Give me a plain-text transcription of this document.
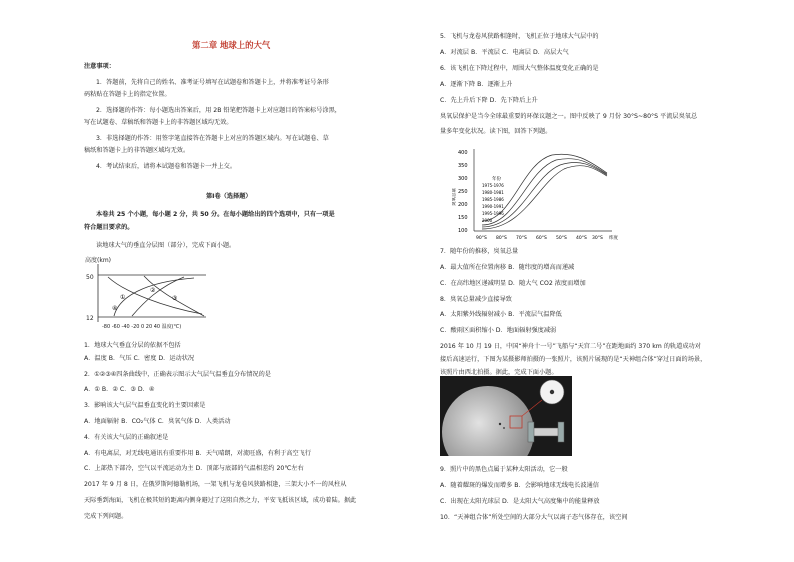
第二章 地球上的大气
注意事项：
1．答题前，先将自己的姓名、准考证号填写在试题卷和答题卡上，并将准考证号条形
码粘贴在答题卡上的指定位置。
2．选择题的作答：每小题选出答案后，用 2B 铅笔把答题卡上对应题目的答案标号涂黑，
写在试题卷、草稿纸和答题卡上的非答题区域均无效。
3．非选择题的作答：用签字笔直接答在答题卡上对应的答题区域内。写在试题卷、草
稿纸和答题卡上的非答题区域均无效。
4．考试结束后，请将本试题卷和答题卡一并上交。
第Ⅰ卷（选择题）
本卷共 25 个小题，每小题 2 分，共 50 分。在每小题给出的四个选项中，只有一项是
符合题目要求的。
读地球大气的垂直分层图（部分），完成下面小题。
高度(km)
50
12
①
②
③
④
-80 -60 -40 -20 0 20 40 温度(℃)
1．地球大气垂直分层的依据不包括
A．温度 B．气压 C．密度 D．运动状况
2．①②③④四条曲线中，正确表示图示大气层气温垂直分布情况的是
A．① B．② C．③ D．④
3．影响该大气层气温垂直变化的主要因素是
A．地面辐射 B．CO₂气体 C．臭氧气体 D．人类活动
4．有关该大气层的正确叙述是
A．有电离层，对无线电通讯有重要作用 B．天气晴朗，对流旺盛，有利于高空飞行
C．上部热下部冷，空气以平流运动为主 D．顶部与底部的气温相差约 20℃左右
2017 年 9 月 8 日，在俄罗斯阿德勒机场，一架飞机与龙卷风狭路相逢，三架大小不一的风柱从
天际垂到海面，飞机在极其短的距离内侧身避过了这阻自然之力，平安飞抵该区域，成功着陆。据此
完成下列问题。
5．飞机与龙卷风狭路相逢时，飞机正位于地球大气层中的
A．对流层 B．平流层 C．电离层 D．高层大气
6．该飞机在下降过程中，周围大气整体温度变化正确的是
A．逐渐下降 B．逐渐上升
C．先上升后下降 D．先下降后上升
臭氧层保护是当今全球最重要的环保议题之一。图中反映了 9 月份 30°S~80°S 平流层臭氧总
量多年变化状况。读下图，回答下列题。
400
350
300
250
200
150
100
臭氧总量
年份
1975-1976
1980-1981
1985-1986
1990-1991
1995-1996
2000
90°S 80°S 70°S 60°S 50°S 40°S 30°S 纬度
7．随年份的推移，臭氧总量
A．最大值所在位置南移 B．随纬度的增高而递减
C．在高纬地区递减明显 D．随大气 CO2 浓度而增加
8．臭氧总量减少直接导致
A．太阳紫外线辐射减小 B．平流层气温降低
C．酸雨区面积缩小 D．地面辐射强度减弱
2016 年 10 月 19 日，中国“神舟十一号”飞船与“天宫二号”在距地面约 370 km 的轨道成功对
接后高速运行，下图为某摄影师拍摄的一张照片，该照片展现的是“天神组合体”穿过日面的场景，
该照片由西北拍摄。据此，完成下面小题。
9．照片中的黑色点属于某种太阳活动，它一般
A．随着耀斑的爆发而增多 B．会影响地球无线电长波通信
C．出现在太阳光球层 D．是太阳大气高度集中的能量释放
10．“天神组合体”所处空间的大部分大气以离子态气体存在，该空间
